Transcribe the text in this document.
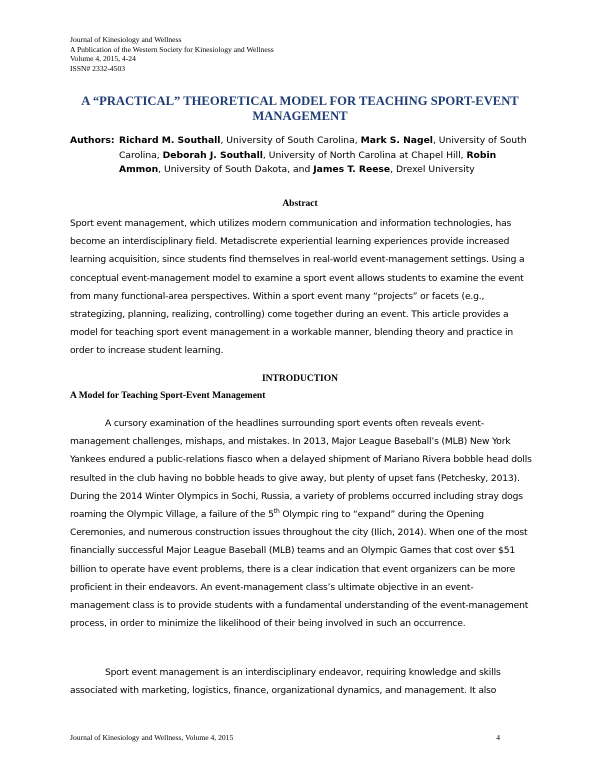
Journal of Kinesiology and Wellness
A Publication of the Western Society for Kinesiology and Wellness
Volume 4, 2015, 4-24
ISSN# 2332-4503
A “PRACTICAL” THEORETICAL MODEL FOR TEACHING SPORT-EVENT MANAGEMENT
Authors: Richard M. Southall, University of South Carolina, Mark S. Nagel, University of South Carolina, Deborah J. Southall, University of North Carolina at Chapel Hill, Robin Ammon, University of South Dakota, and James T. Reese, Drexel University
Abstract
Sport event management, which utilizes modern communication and information technologies, has become an interdisciplinary field. Metadiscrete experiential learning experiences provide increased learning acquisition, since students find themselves in real-world event-management settings. Using a conceptual event-management model to examine a sport event allows students to examine the event from many functional-area perspectives. Within a sport event many “projects” or facets (e.g., strategizing, planning, realizing, controlling) come together during an event. This article provides a model for teaching sport event management in a workable manner, blending theory and practice in order to increase student learning.
INTRODUCTION
A Model for Teaching Sport-Event Management
A cursory examination of the headlines surrounding sport events often reveals event-management challenges, mishaps, and mistakes. In 2013, Major League Baseball’s (MLB) New York Yankees endured a public-relations fiasco when a delayed shipment of Mariano Rivera bobble head dolls resulted in the club having no bobble heads to give away, but plenty of upset fans (Petchesky, 2013). During the 2014 Winter Olympics in Sochi, Russia, a variety of problems occurred including stray dogs roaming the Olympic Village, a failure of the 5th Olympic ring to “expand” during the Opening Ceremonies, and numerous construction issues throughout the city (Ilich, 2014). When one of the most financially successful Major League Baseball (MLB) teams and an Olympic Games that cost over $51 billion to operate have event problems, there is a clear indication that event organizers can be more proficient in their endeavors. An event-management class’s ultimate objective in an event-management class is to provide students with a fundamental understanding of the event-management process, in order to minimize the likelihood of their being involved in such an occurrence.
Sport event management is an interdisciplinary endeavor, requiring knowledge and skills associated with marketing, logistics, finance, organizational dynamics, and management. It also
Journal of Kinesiology and Wellness, Volume 4, 2015	4
